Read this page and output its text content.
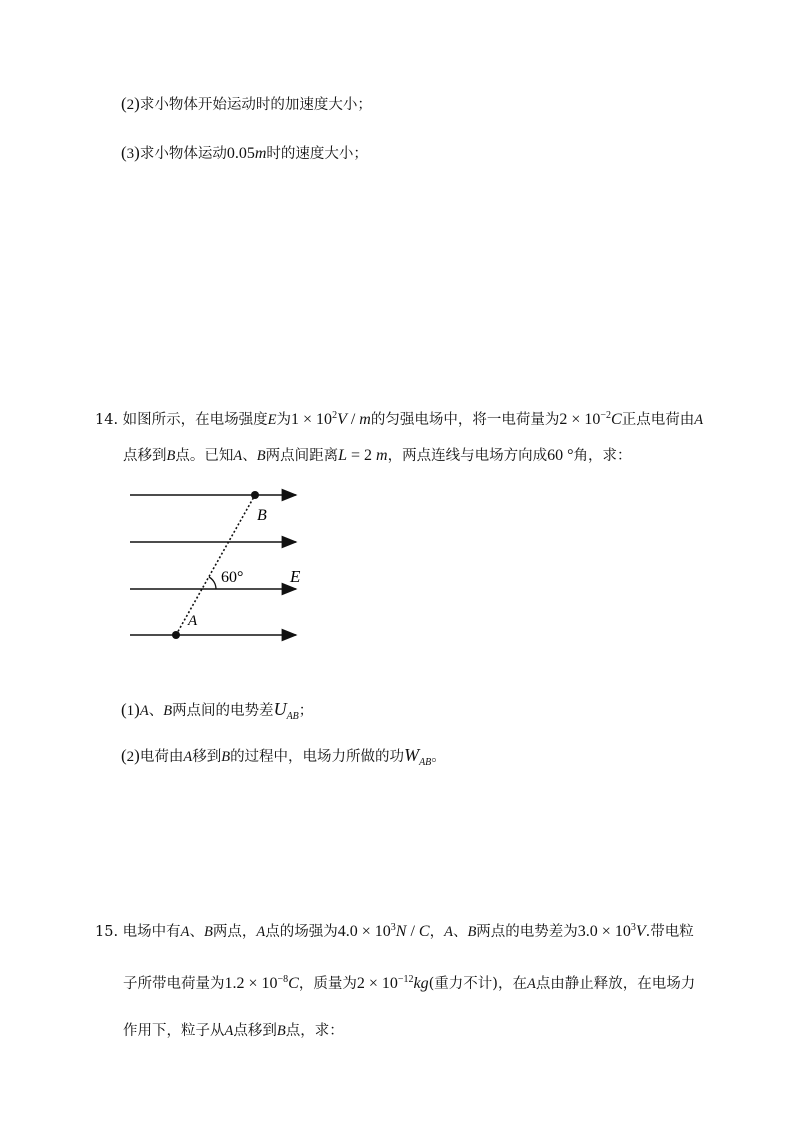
(2)求小物体开始运动时的加速度大小；
(3)求小物体运动0.05m时的速度大小；
14. 如图所示，在电场强度E为$1 \times 10^2V / m$的匀强电场中，将一电荷量为$2 \times 10^{-2}C$正点电荷由A
点移到B点。已知A、B两点间距离L = 2 m，两点连线与电场方向成60 °角，求：
B
A
E
60°
(1)A、B两点间的电势差$U_{AB}$；
(2)电荷由A移到B的过程中，电场力所做的功$W_{AB}$。
15. 电场中有A、B两点，A点的场强为$4.0 \times 10^3N / C$，A、B两点的电势差为$3.0 \times 10^3V$.带电粒
子所带电荷量为$1.2 \times 10^{-8}C$，质量为$2 \times 10^{-12}kg$(重力不计)，在A点由静止释放，在电场力
作用下，粒子从A点移到B点，求：
